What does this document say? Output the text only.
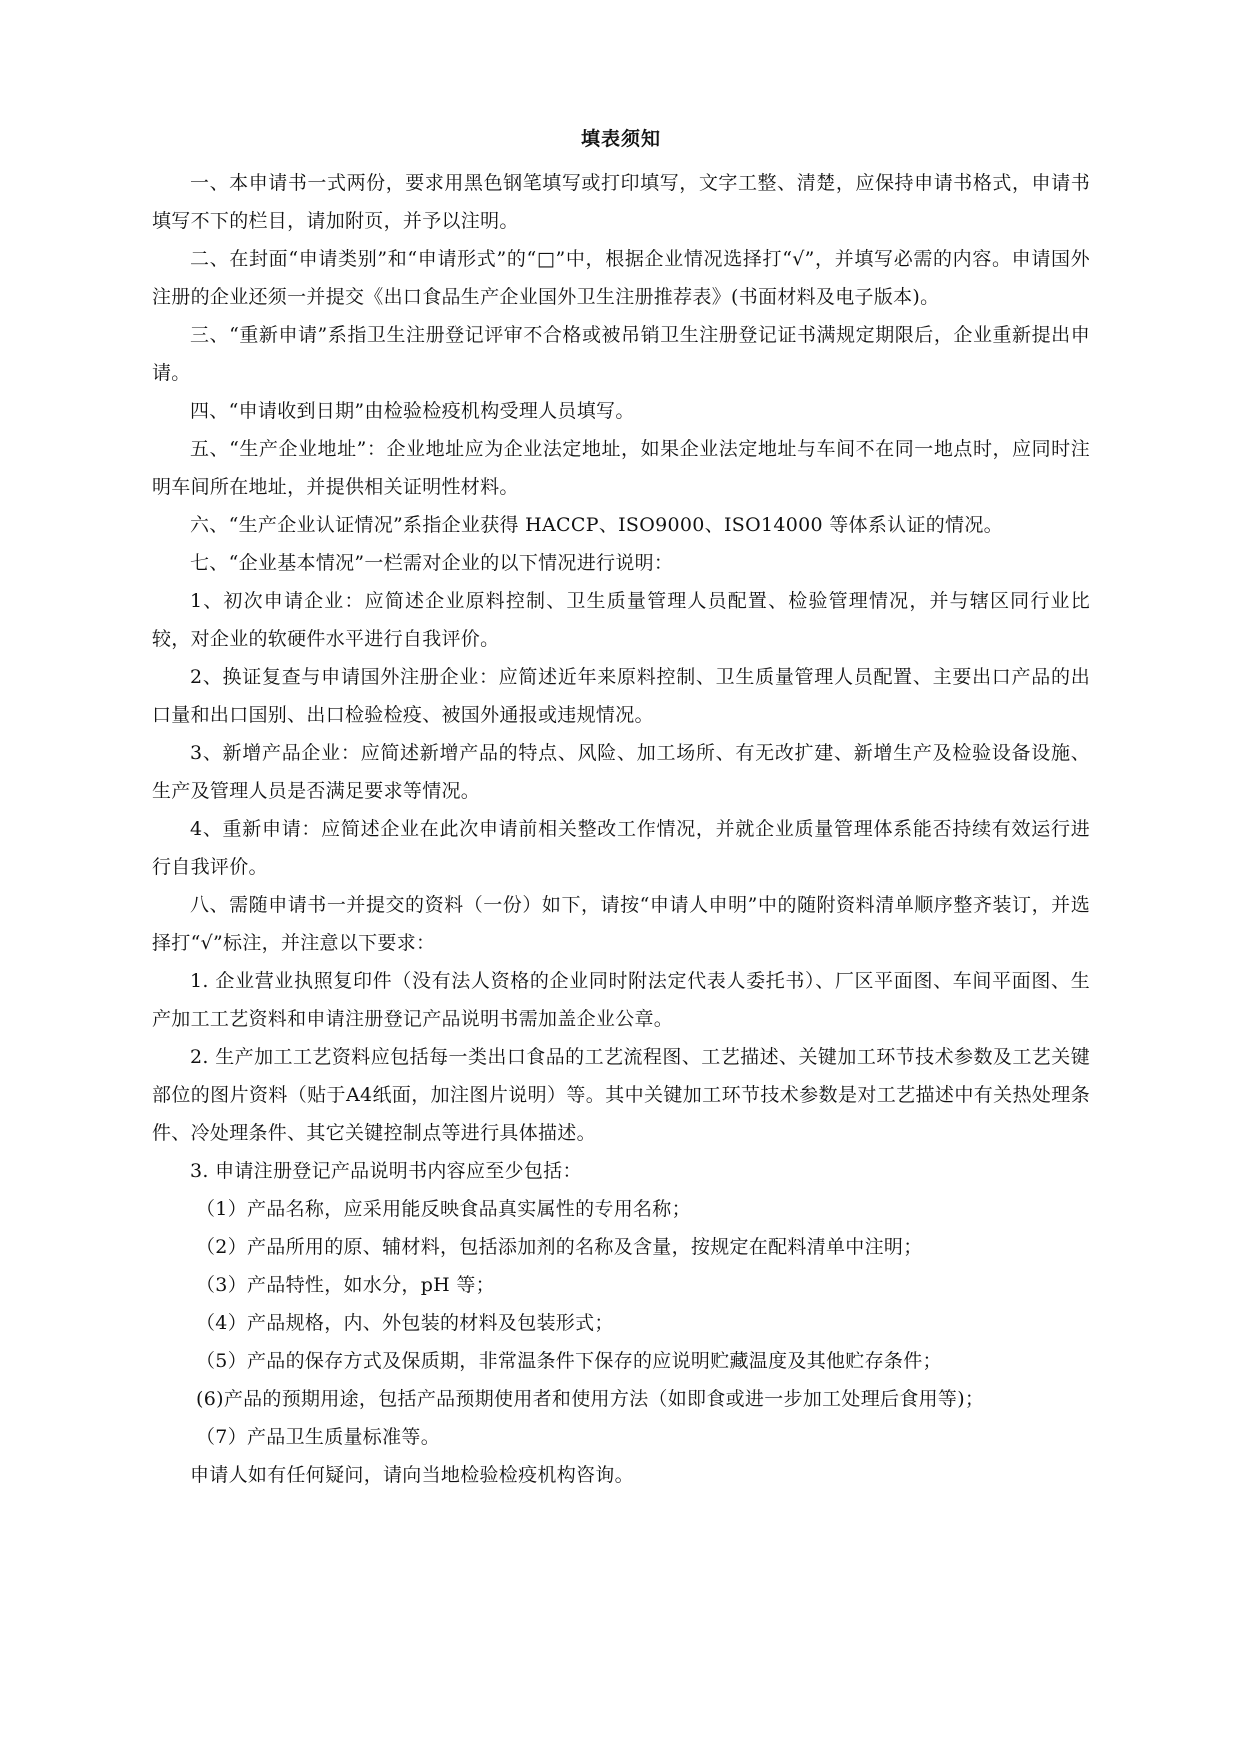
填表须知

一、本申请书一式两份，要求用黑色钢笔填写或打印填写，文字工整、清楚，应保持申请书格式，申请书填写不下的栏目，请加附页，并予以注明。

二、在封面“申请类别”和“申请形式”的“□”中，根据企业情况选择打“√”，并填写必需的内容。申请国外注册的企业还须一并提交《出口食品生产企业国外卫生注册推荐表》(书面材料及电子版本)。

三、“重新申请”系指卫生注册登记评审不合格或被吊销卫生注册登记证书满规定期限后，企业重新提出申请。

四、“申请收到日期”由检验检疫机构受理人员填写。

五、“生产企业地址”：企业地址应为企业法定地址，如果企业法定地址与车间不在同一地点时，应同时注明车间所在地址，并提供相关证明性材料。

六、“生产企业认证情况”系指企业获得 HACCP、ISO9000、ISO14000 等体系认证的情况。

七、“企业基本情况”一栏需对企业的以下情况进行说明：

1、初次申请企业：应简述企业原料控制、卫生质量管理人员配置、检验管理情况，并与辖区同行业比较，对企业的软硬件水平进行自我评价。

2、换证复查与申请国外注册企业：应简述近年来原料控制、卫生质量管理人员配置、主要出口产品的出口量和出口国别、出口检验检疫、被国外通报或违规情况。

3、新增产品企业：应简述新增产品的特点、风险、加工场所、有无改扩建、新增生产及检验设备设施、生产及管理人员是否满足要求等情况。

4、重新申请：应简述企业在此次申请前相关整改工作情况，并就企业质量管理体系能否持续有效运行进行自我评价。

八、需随申请书一并提交的资料（一份）如下，请按“申请人申明”中的随附资料清单顺序整齐装订，并选择打“√”标注，并注意以下要求：

1. 企业营业执照复印件（没有法人资格的企业同时附法定代表人委托书）、厂区平面图、车间平面图、生产加工工艺资料和申请注册登记产品说明书需加盖企业公章。

2. 生产加工工艺资料应包括每一类出口食品的工艺流程图、工艺描述、关键加工环节技术参数及工艺关键部位的图片资料（贴于A4纸面，加注图片说明）等。其中关键加工环节技术参数是对工艺描述中有关热处理条件、冷处理条件、其它关键控制点等进行具体描述。

3. 申请注册登记产品说明书内容应至少包括：

（1）产品名称，应采用能反映食品真实属性的专用名称；

（2）产品所用的原、辅材料，包括添加剂的名称及含量，按规定在配料清单中注明；

（3）产品特性，如水分，pH 等；

（4）产品规格，内、外包装的材料及包装形式；

（5）产品的保存方式及保质期，非常温条件下保存的应说明贮藏温度及其他贮存条件；

(6)产品的预期用途，包括产品预期使用者和使用方法（如即食或进一步加工处理后食用等)；

（7）产品卫生质量标准等。

申请人如有任何疑问，请向当地检验检疫机构咨询。
